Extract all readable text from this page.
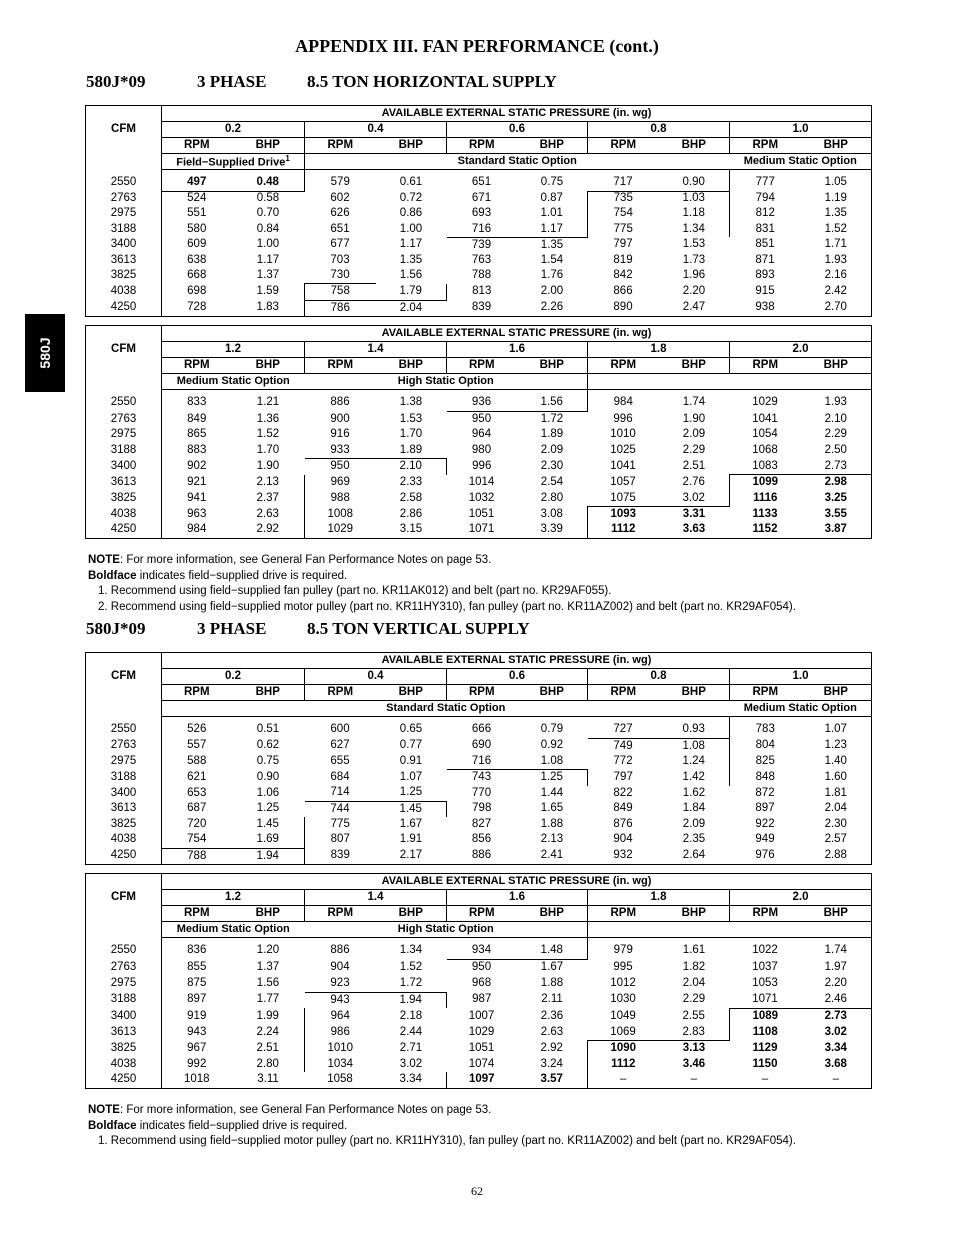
APPENDIX III. FAN PERFORMANCE (cont.)
580J
580J*09	3 PHASE 8.5 TON HORIZONTAL SUPPLY
CFM	AVAILABLE EXTERNAL STATIC PRESSURE (in. wg)									
	0.2		0.4		0.6		0.8		1.0	
	RPM	BHP	RPM	BHP	RPM	BHP	RPM	BHP	RPM	BHP
	Field−Supplied Drive$^1$		Standard Static Option						Medium Static Option	
2550	497	0.48	579	0.61	651	0.75	717	0.90	777	1.05
2763	524	0.58	602	0.72	671	0.87	735	1.03	794	1.19
2975	551	0.70	626	0.86	693	1.01	754	1.18	812	1.35
3188	580	0.84	651	1.00	716	1.17	775	1.34	831	1.52
3400	609	1.00	677	1.17	739	1.35	797	1.53	851	1.71
3613	638	1.17	703	1.35	763	1.54	819	1.73	871	1.93
3825	668	1.37	730	1.56	788	1.76	842	1.96	893	2.16
4038	698	1.59	758	1.79	813	2.00	866	2.20	915	2.42
4250	728	1.83	786	2.04	839	2.26	890	2.47	938	2.70
CFM	AVAILABLE EXTERNAL STATIC PRESSURE (in. wg)									
	1.2		1.4		1.6		1.8		2.0	
	RPM	BHP	RPM	BHP	RPM	BHP	RPM	BHP	RPM	BHP
	Medium Static Option		High Static Option							
2550	833	1.21	886	1.38	936	1.56	984	1.74	1029	1.93
2763	849	1.36	900	1.53	950	1.72	996	1.90	1041	2.10
2975	865	1.52	916	1.70	964	1.89	1010	2.09	1054	2.29
3188	883	1.70	933	1.89	980	2.09	1025	2.29	1068	2.50
3400	902	1.90	950	2.10	996	2.30	1041	2.51	1083	2.73
3613	921	2.13	969	2.33	1014	2.54	1057	2.76	1099	2.98
3825	941	2.37	988	2.58	1032	2.80	1075	3.02	1116	3.25
4038	963	2.63	1008	2.86	1051	3.08	1093	3.31	1133	3.55
4250	984	2.92	1029	3.15	1071	3.39	1112	3.63	1152	3.87

NOTE: For more information, see General Fan Performance Notes on page 53.

Boldface indicates field−supplied drive is required.

1. Recommend using field−supplied fan pulley (part no. KR11AK012) and belt (part no. KR29AF055).

2. Recommend using field−supplied motor pulley (part no. KR11HY310), fan pulley (part no. KR11AZ002) and belt (part no. KR29AF054).

580J*09	3 PHASE 8.5 TON VERTICAL SUPPLY
CFM	AVAILABLE EXTERNAL STATIC PRESSURE (in. wg)									
	0.2		0.4		0.6		0.8		1.0	
	RPM	BHP	RPM	BHP	RPM	BHP	RPM	BHP	RPM	BHP
	Standard Static Option								Medium Static Option	
2550	526	0.51	600	0.65	666	0.79	727	0.93	783	1.07
2763	557	0.62	627	0.77	690	0.92	749	1.08	804	1.23
2975	588	0.75	655	0.91	716	1.08	772	1.24	825	1.40
3188	621	0.90	684	1.07	743	1.25	797	1.42	848	1.60
3400	653	1.06	714	1.25	770	1.44	822	1.62	872	1.81
3613	687	1.25	744	1.45	798	1.65	849	1.84	897	2.04
3825	720	1.45	775	1.67	827	1.88	876	2.09	922	2.30
4038	754	1.69	807	1.91	856	2.13	904	2.35	949	2.57
4250	788	1.94	839	2.17	886	2.41	932	2.64	976	2.88
CFM	AVAILABLE EXTERNAL STATIC PRESSURE (in. wg)									
	1.2		1.4		1.6		1.8		2.0	
	RPM	BHP	RPM	BHP	RPM	BHP	RPM	BHP	RPM	BHP
	Medium Static Option		High Static Option							
2550	836	1.20	886	1.34	934	1.48	979	1.61	1022	1.74
2763	855	1.37	904	1.52	950	1.67	995	1.82	1037	1.97
2975	875	1.56	923	1.72	968	1.88	1012	2.04	1053	2.20
3188	897	1.77	943	1.94	987	2.11	1030	2.29	1071	2.46
3400	919	1.99	964	2.18	1007	2.36	1049	2.55	1089	2.73
3613	943	2.24	986	2.44	1029	2.63	1069	2.83	1108	3.02
3825	967	2.51	1010	2.71	1051	2.92	1090	3.13	1129	3.34
4038	992	2.80	1034	3.02	1074	3.24	1112	3.46	1150	3.68
4250	1018	3.11	1058	3.34	1097	3.57	–	–	–	–

NOTE: For more information, see General Fan Performance Notes on page 53.

Boldface indicates field−supplied drive is required.

1. Recommend using field−supplied motor pulley (part no. KR11HY310), fan pulley (part no. KR11AZ002) and belt (part no. KR29AF054).

62
